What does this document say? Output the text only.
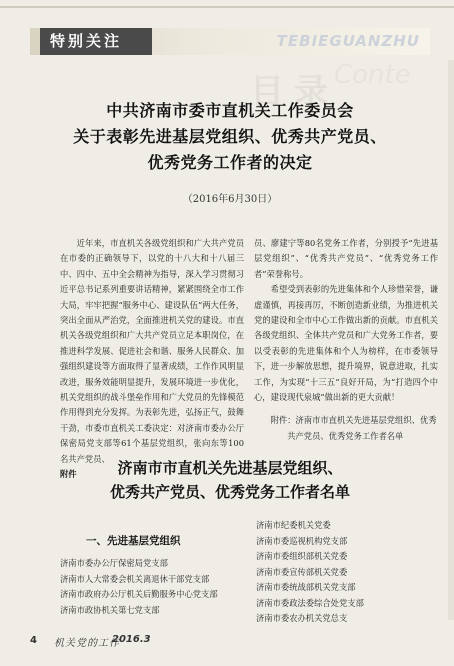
特别关注	TEBIEGUANZHU
目录
Conte
中共济南市委市直机关工作委员会
关于表彰先进基层党组织、优秀共产党员、
优秀党务工作者的决定
（2016年6月30日）

近年来，市直机关各级党组织和广大共产党员在市委的正确领导下，以党的十八大和十八届三中、四中、五中全会精神为指导，深入学习贯彻习近平总书记系列重要讲话精神，紧紧围绕全市工作大局，牢牢把握“服务中心、建设队伍”两大任务，突出全面从严治党，全面推进机关党的建设。市直机关各级党组织和广大共产党员立足本职岗位，在推进科学发展、促进社会和谐、服务人民群众、加强组织建设等方面取得了显著成绩，工作作风明显改进，服务效能明显提升，发展环境进一步优化，机关党组织的战斗堡垒作用和广大党员的先锋模范作用得到充分发挥。为表彰先进，弘扬正气，鼓舞干劲，市委市直机关工委决定：对济南市委办公厅保密局党支部等61个基层党组织，张向东等100名共产党员、

附件

员、廖建宁等80名党务工作者，分别授予“先进基层党组织”、“优秀共产党员”、“优秀党务工作者”荣誉称号。

希望受到表彰的先进集体和个人珍惜荣誉，谦虚谨慎，再接再厉，不断创造新业绩，为推进机关党的建设和全市中心工作做出新的贡献。市直机关各级党组织、全体共产党员和广大党务工作者，要以受表彰的先进集体和个人为榜样，在市委领导下，进一步解放思想，提升境界，锐意进取，扎实工作，为实现“十三五”良好开局，为“打造四个中心，建设现代泉城”做出新的更大贡献！

附件：济南市市直机关先进基层党组织、优秀

共产党员、优秀党务工作者名单

济南市市直机关先进基层党组织、
优秀共产党员、优秀党务工作者名单
一、先进基层党组织
济南市委办公厅保密局党支部
济南市人大常委会机关离退休干部党支部
济南市政府办公厅机关后勤服务中心党支部
济南市政协机关第七党支部
济南市纪委机关党委
济南市委巡视机构党支部
济南市委组织部机关党委
济南市委宣传部机关党委
济南市委统战部机关党支部
济南市委政法委综合处党支部
济南市委农办机关党总支
4 机关党的工作
2016.3
